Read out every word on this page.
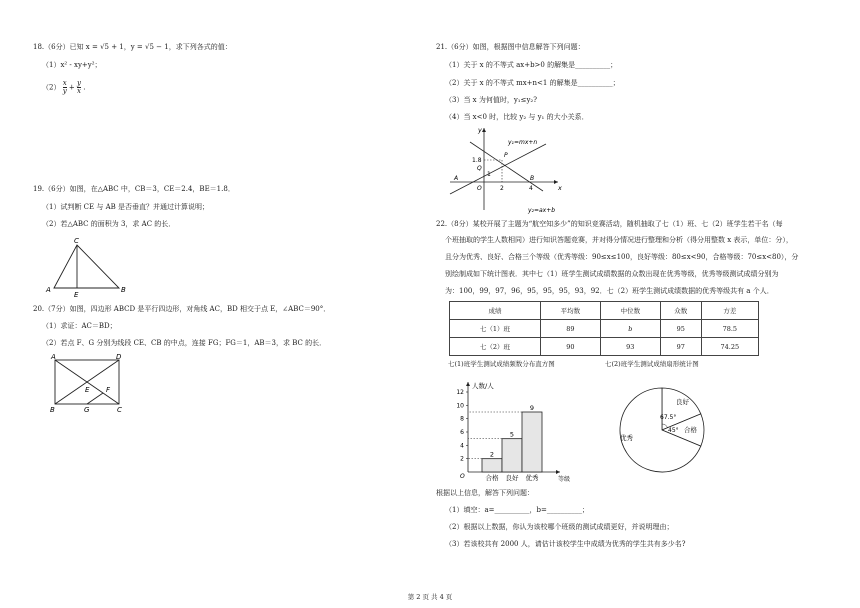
18.（6分）已知 x = √5 + 1，y = √5 − 1，求下列各式的值：
（1）x² - xy+y²；
$(2) \frac{x}{y} + \frac{y}{x}$ .
19.（6分）如图，在△ABC 中，CB＝3，CE＝2.4，BE＝1.8．
（1）试判断 CE 与 AB 是否垂直？并通过计算说明；
（2）若△ABC 的面积为 3，求 AC 的长．
C
A
E
B
20.（7分）如图，四边形 ABCD 是平行四边形，对角线 AC，BD 相交于点 E，∠ABC＝90°．
（1）求证：AC＝BD；
（2）若点 F、G 分别为线段 CE、CB 的中点，连接 FG；FG＝1，AB＝3，求 BC 的长．
A	D
E F
B	G	C
21.（6分）如图，根据图中信息解答下列问题：
（1）关于 x 的不等式 ax+b>0 的解集是__________；
（2）关于 x 的不等式 mx+n<1 的解集是__________；
（3）当 x 为何值时，y₁≤y₂?
（4）当 x<0 时，比较 y₂ 与 y₁ 的大小关系．
y
x
y₁=mx+n
y₂=ax+b
P
Q
A	B
O
1.8
1
2	4
22.（8分）某校开展了主题为“航空知多少”的知识竞赛活动，随机抽取了七（1）班、七（2）班学生若干名（每
个班抽取的学生人数相同）进行知识答题竞赛，并对得分情况进行整理和分析（得分用整数 x 表示，单位：分），
且分为优秀、良好、合格三个等级（优秀等级：90≤x≤100，良好等级：80≤x<90，合格等级：70≤x<80），分
别绘制成如下统计图表．其中七（1）班学生测试成绩数据的众数出现在优秀等级，优秀等级测试成绩分别为
为：100，99，97，96，95，95，95，93，92．七（2）班学生测试成绩数据的优秀等级共有 a 个人．
成绩	平均数	中位数	众数	方差
七（1）班	89	b	95	78.5
七（2）班	90	93	97	74.25
七(1)班学生测试成绩频数分布直方图	七(2)班学生测试成绩扇形统计图
人数/人
等级
O
2
4
6
8
10
12
2
合格
5
良好
9
优秀
67.5°
45°
良好
合格
优秀
根据以上信息，解答下列问题：
（1）填空：a=__________，b=__________；
（2）根据以上数据，你认为该校哪个班级的测试成绩更好，并说明理由；
（3）若该校共有 2000 人，请估计该校学生中成绩为优秀的学生共有多少名?
第 2 页 共 4 页
